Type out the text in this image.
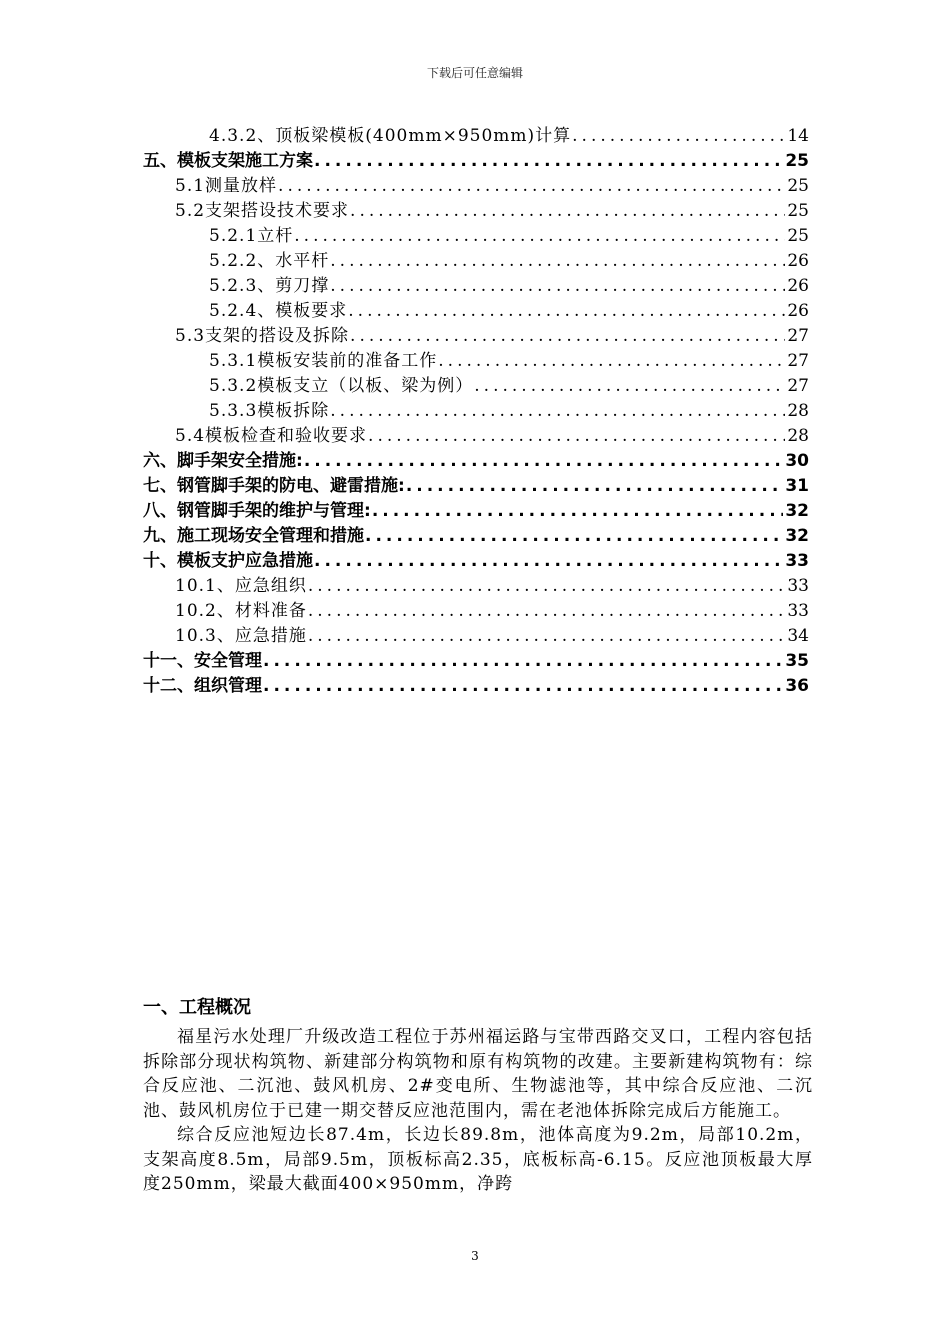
下载后可任意编辑
4.3.2、顶板梁模板(400mm×950mm)计算 .....	14
五、模板支架施工方案 .....	25
5.1测量放样 .....	25
5.2支架搭设技术要求 .....	25
5.2.1立杆 .....	25
5.2.2、水平杆 .....	26
5.2.3、剪刀撑 .....	26
5.2.4、模板要求 .....	26
5.3支架的搭设及拆除 .....	27
5.3.1模板安装前的准备工作 .....	27
5.3.2模板支立（以板、梁为例） .....	27
5.3.3模板拆除 .....	28
5.4模板检查和验收要求 .....	28
六、脚手架安全措施: .....	30
七、钢管脚手架的防电、避雷措施: .....	31
八、钢管脚手架的维护与管理: .....	32
九、施工现场安全管理和措施 .....	32
十、模板支护应急措施 .....	33
10.1、应急组织 .....	33
10.2、材料准备 .....	33
10.3、应急措施 .....	34
十一、安全管理 .....	35
十二、组织管理 .....	36
一、工程概况

福星污水处理厂升级改造工程位于苏州福运路与宝带西路交叉口，工程内容包括拆除部分现状构筑物、新建部分构筑物和原有构筑物的改建。主要新建构筑物有：综合反应池、二沉池、鼓风机房、2#变电所、生物滤池等，其中综合反应池、二沉池、鼓风机房位于已建一期交替反应池范围内，需在老池体拆除完成后方能施工。

综合反应池短边长87.4m，长边长89.8m，池体高度为9.2m，局部10.2m，支架高度8.5m，局部9.5m，顶板标高2.35，底板标高-6.15。反应池顶板最大厚度250mm，梁最大截面400×950mm，净跨

3
